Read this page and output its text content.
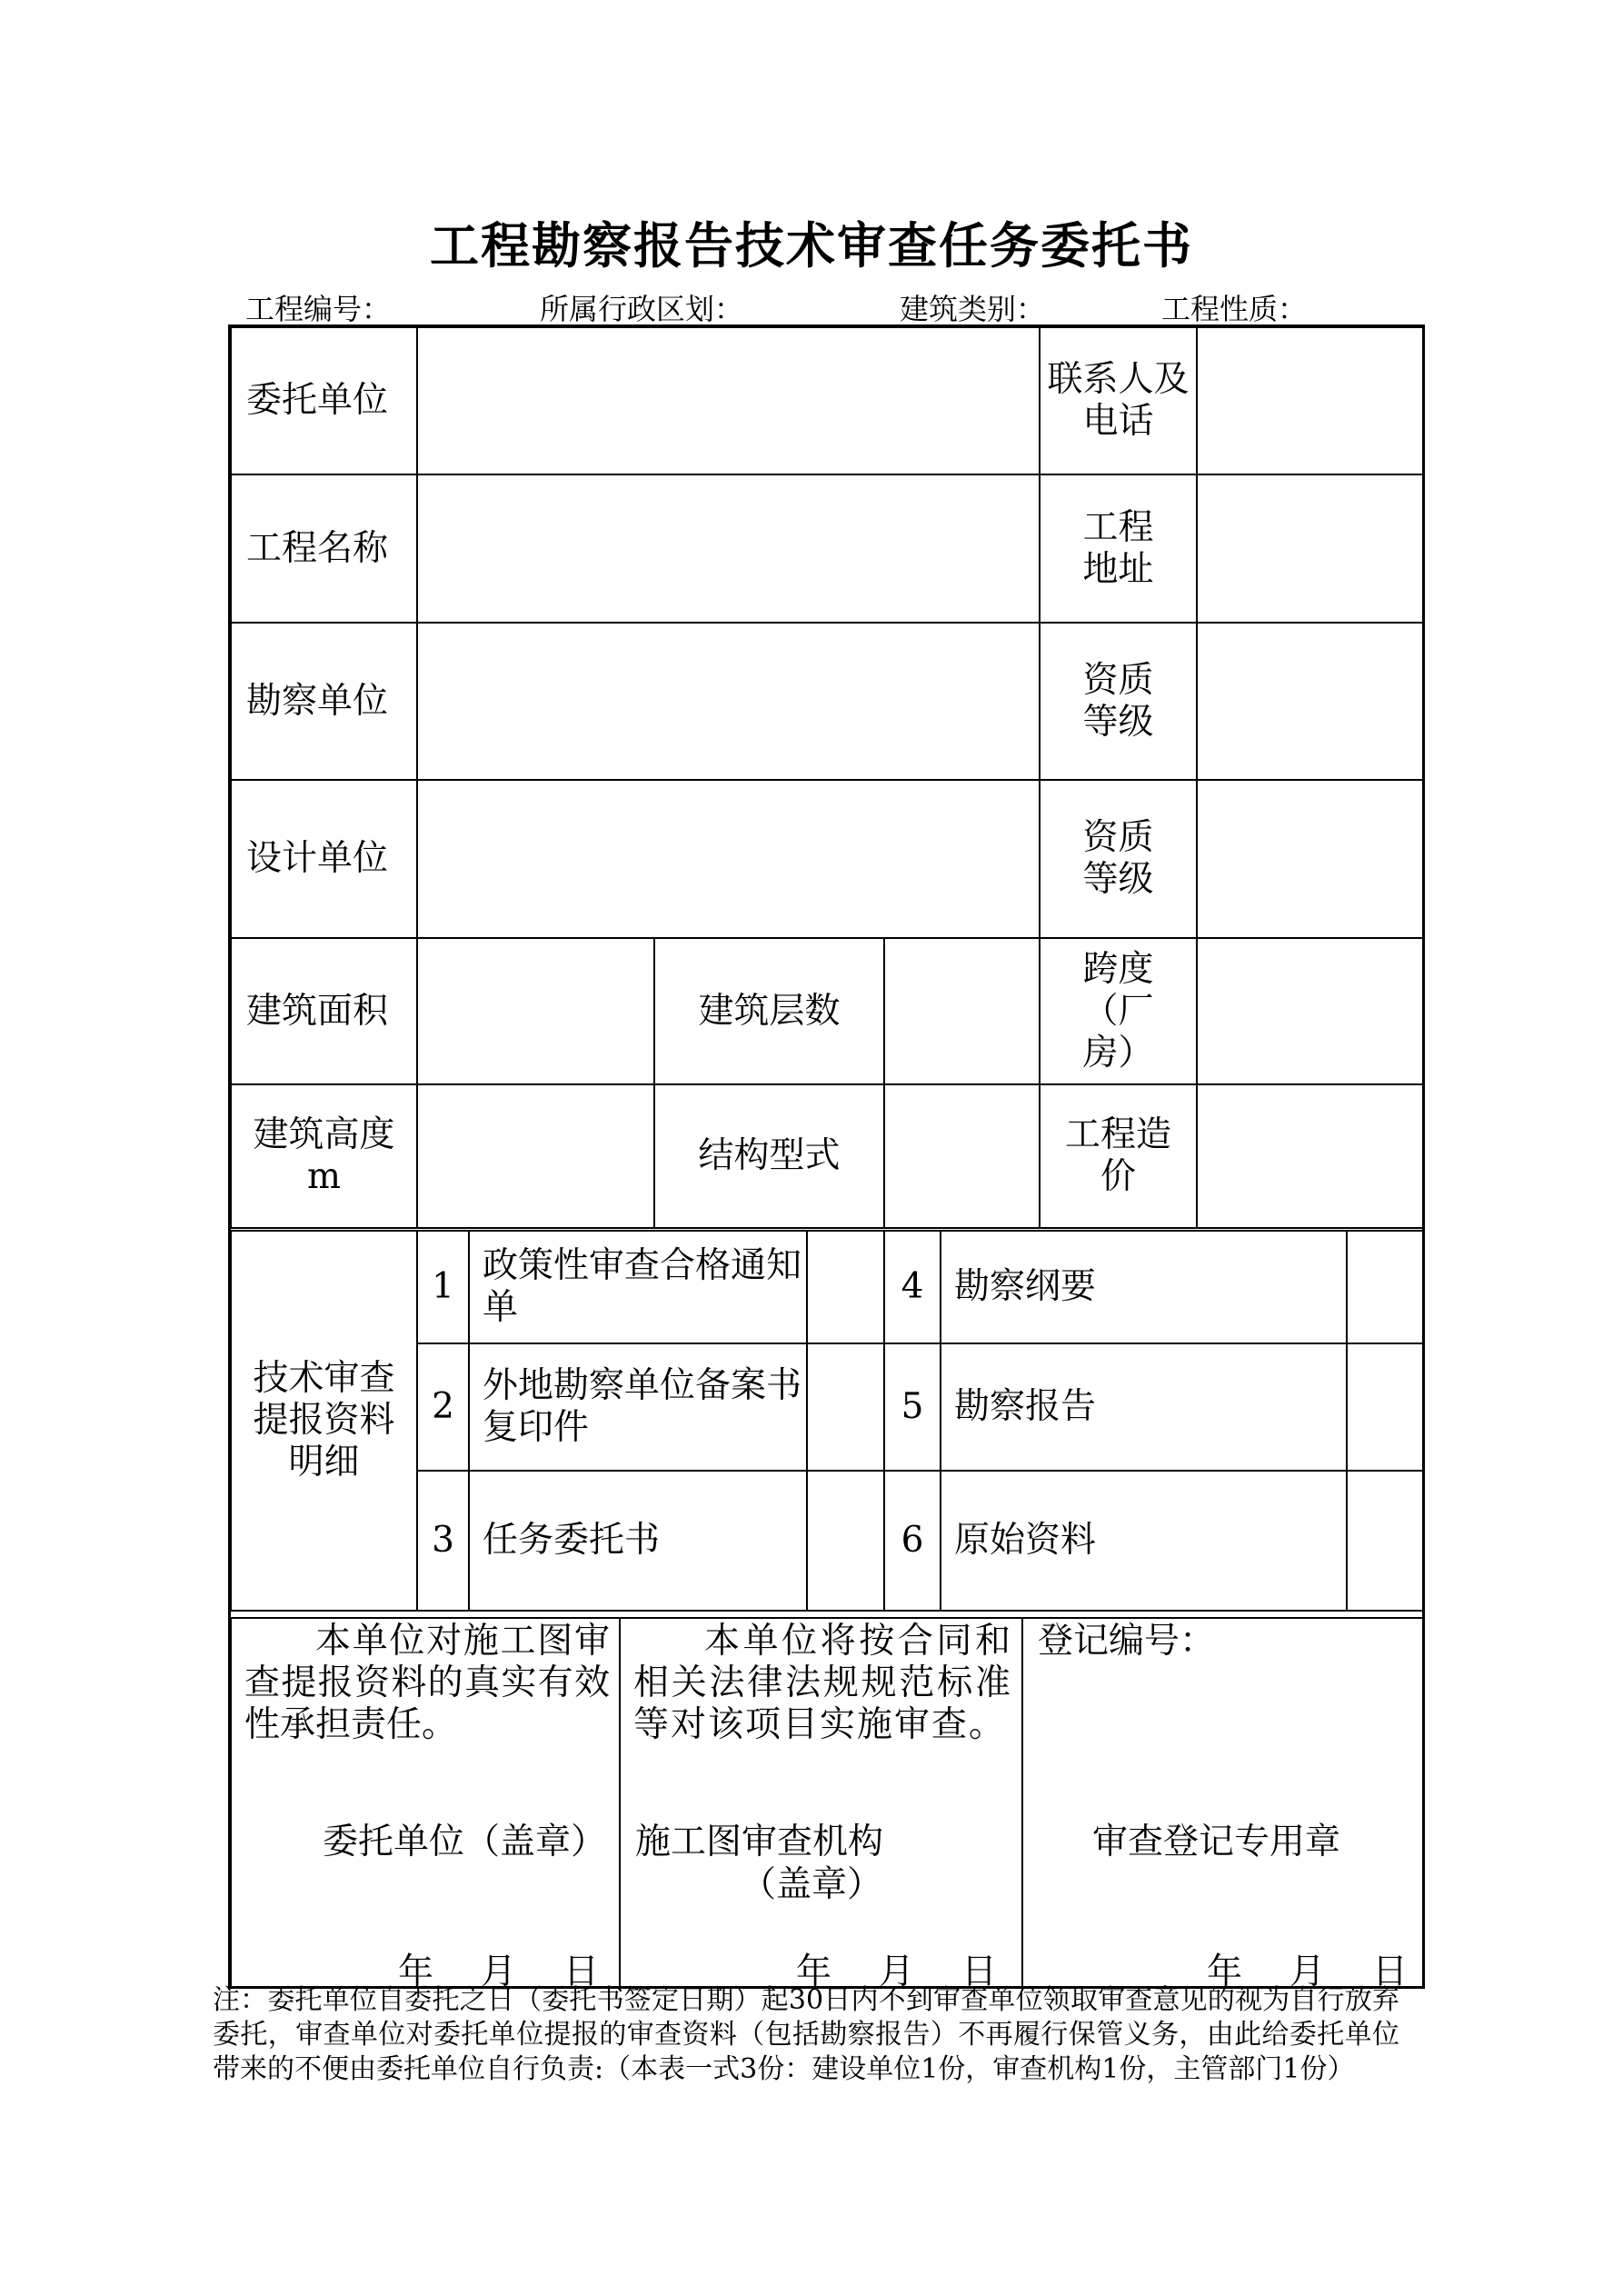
工程勘察报告技术审查任务委托书
工程编号：	所属行政区划：	建筑类别：	工程性质：
委托单位				联系人及电话	
工程名称				工程地址	
勘察单位				资质等级	
设计单位				资质等级	
建筑面积		建筑层数		跨度（厂房）	
建筑高度m		结构型式		工程造价	
技术审查提报资料明细	1	政策性审查合格通知单		4	勘察纲要	
	2	外地勘察单位备案书复印件		5	勘察报告	
	3	任务委托书		6	原始资料	
本单位对施工图审查提报资料的真实有效性承担责任。
委托单位（盖章）

本单位将按合同和相关法律法规规范标准等对该项目实施审查。
施工图审查机构
（盖章）

登记编号：
审查登记专用章
年 月 日	年 月 日	年 月 日
注：委托单位自委托之日（委托书签定日期）起30日内不到审查单位领取审查意见的视为自行放弃委托，审查单位对委托单位提报的审查资料（包括勘察报告）不再履行保管义务，由此给委托单位带来的不便由委托单位自行负责:（本表一式3份：建设单位1份，审查机构1份，主管部门1份）
